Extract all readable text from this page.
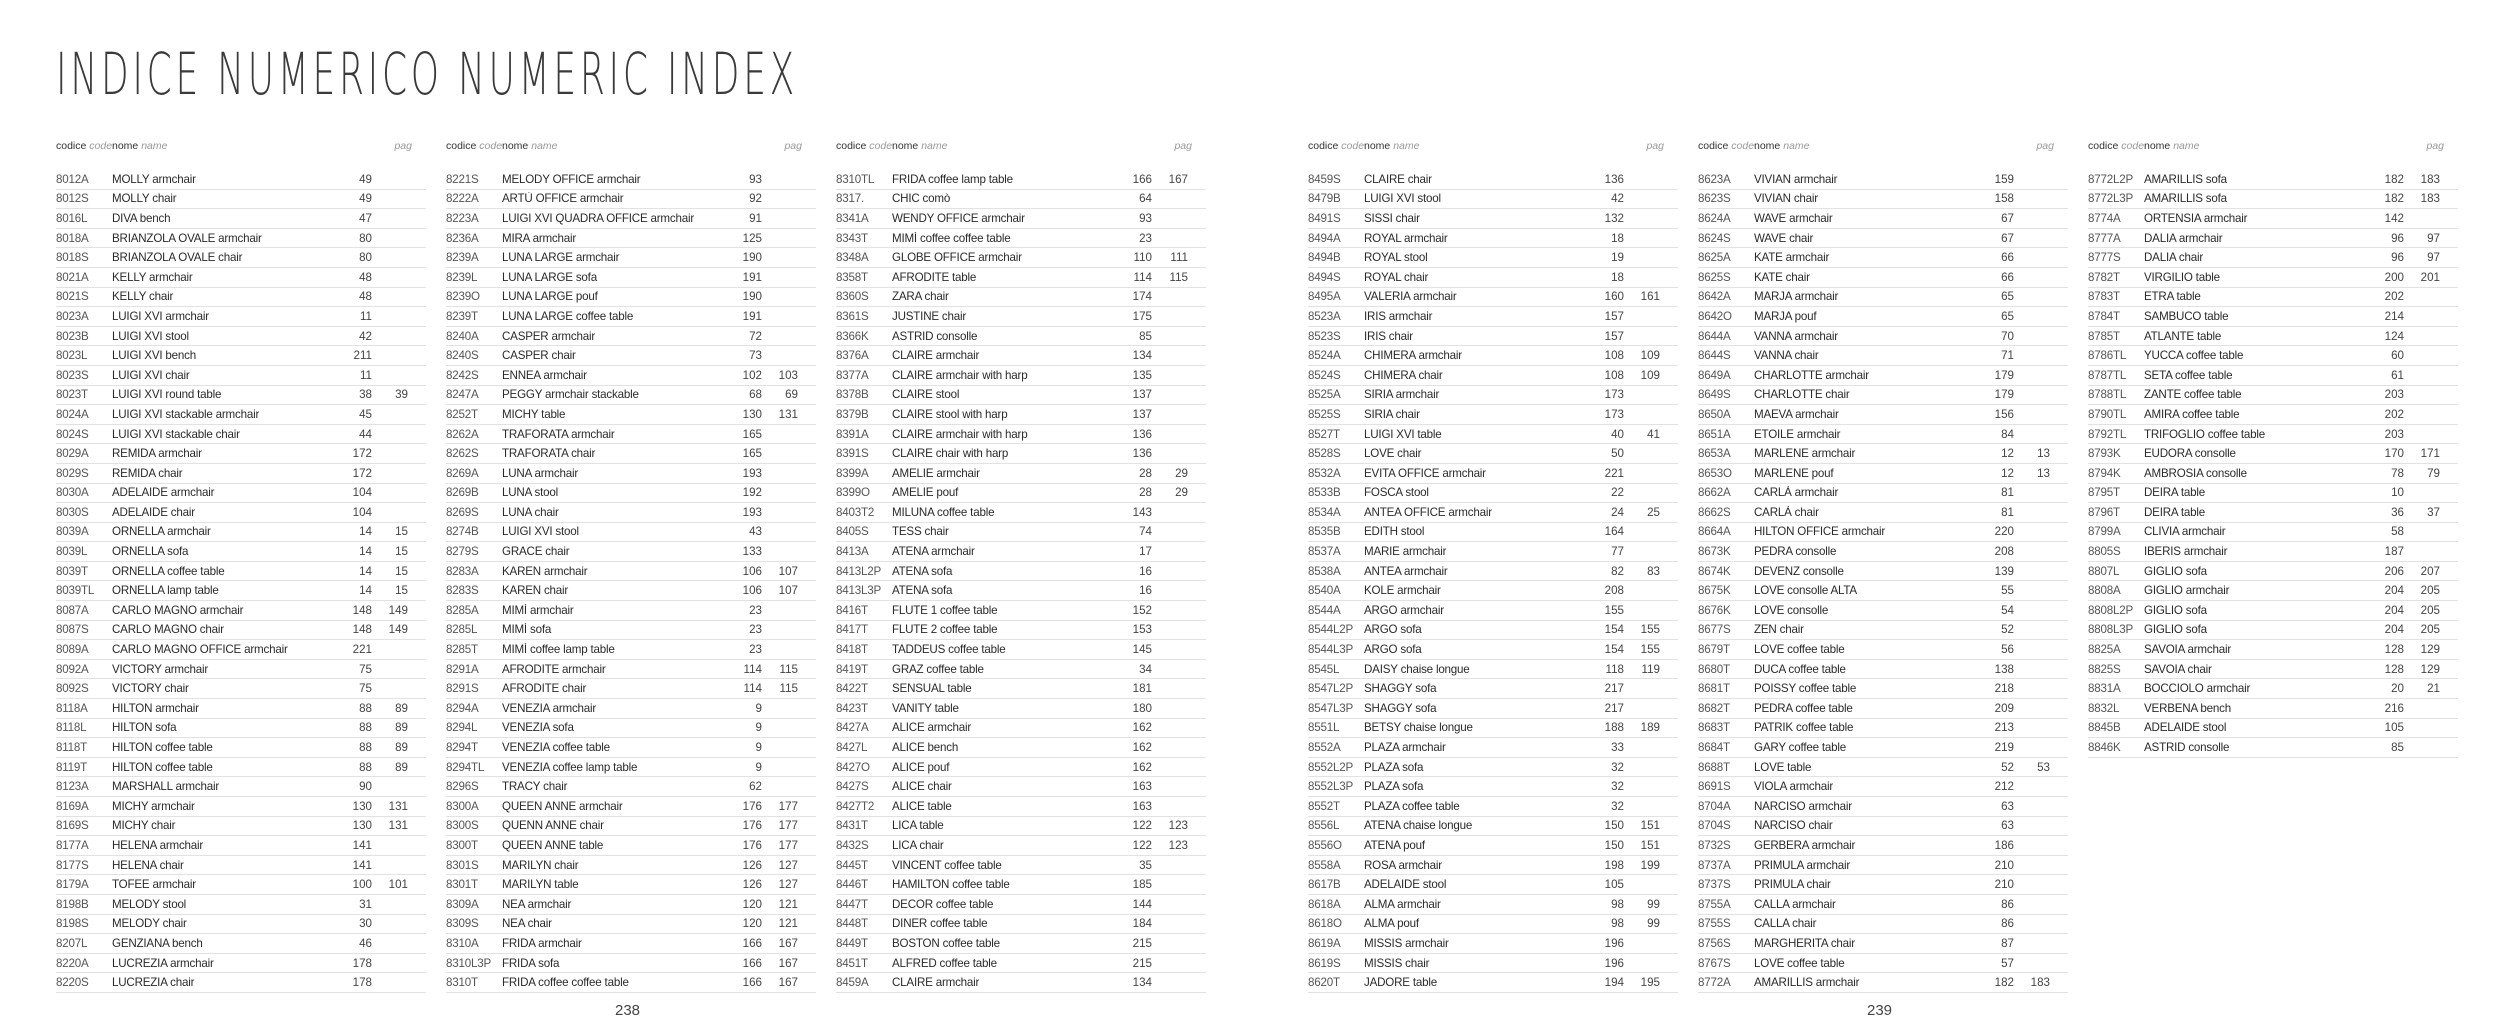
INDICE NUMERICO NUMERIC INDEX
codice code nome name	pag
8012A	MOLLY armchair	49
8012S	MOLLY chair	49
8016L	DIVA bench	47
8018A	BRIANZOLA OVALE armchair	80
8018S	BRIANZOLA OVALE chair	80
8021A	KELLY armchair	48
8021S	KELLY chair	48
8023A	LUIGI XVI armchair	11
8023B	LUIGI XVI stool	42
8023L	LUIGI XVI bench	211
8023S	LUIGI XVI chair	11
8023T	LUIGI XVI round table	38	39
8024A	LUIGI XVI stackable armchair	45
8024S	LUIGI XVI stackable chair	44
8029A	REMIDA armchair	172
8029S	REMIDA chair	172
8030A	ADELAIDE armchair	104
8030S	ADELAIDE chair	104
8039A	ORNELLA armchair	14	15
8039L	ORNELLA sofa	14	15
8039T	ORNELLA coffee table	14	15
8039TL	ORNELLA lamp table	14	15
8087A	CARLO MAGNO armchair	148	149
8087S	CARLO MAGNO chair	148	149
8089A	CARLO MAGNO OFFICE armchair	221
8092A	VICTORY armchair	75
8092S	VICTORY chair	75
8118A	HILTON armchair	88	89
8118L	HILTON sofa	88	89
8118T	HILTON coffee table	88	89
8119T	HILTON coffee table	88	89
8123A	MARSHALL armchair	90
8169A	MICHY armchair	130	131
8169S	MICHY chair	130	131
8177A	HELENA armchair	141
8177S	HELENA chair	141
8179A	TOFEE armchair	100	101
8198B	MELODY stool	31
8198S	MELODY chair	30
8207L	GENZIANA bench	46
8220A	LUCREZIA armchair	178
8220S	LUCREZIA chair	178
codice code nome name	pag
8221S	MELODY OFFICE armchair	93
8222A	ARTÙ OFFICE armchair	92
8223A	LUIGI XVI QUADRA OFFICE armchair	91
8236A	MIRA armchair	125
8239A	LUNA LARGE armchair	190
8239L	LUNA LARGE sofa	191
8239O	LUNA LARGE pouf	190
8239T	LUNA LARGE coffee table	191
8240A	CASPER armchair	72
8240S	CASPER chair	73
8242S	ENNEA armchair	102	103
8247A	PEGGY armchair stackable	68	69
8252T	MICHY table	130	131
8262A	TRAFORATA armchair	165
8262S	TRAFORATA chair	165
8269A	LUNA armchair	193
8269B	LUNA stool	192
8269S	LUNA chair	193
8274B	LUIGI XVI stool	43
8279S	GRACE chair	133
8283A	KAREN armchair	106	107
8283S	KAREN chair	106	107
8285A	MIMÌ armchair	23
8285L	MIMÌ sofa	23
8285T	MIMÌ coffee lamp table	23
8291A	AFRODITE armchair	114	115
8291S	AFRODITE chair	114	115
8294A	VENEZIA armchair	9
8294L	VENEZIA sofa	9
8294T	VENEZIA coffee table	9
8294TL	VENEZIA coffee lamp table	9
8296S	TRACY chair	62
8300A	QUEEN ANNE armchair	176	177
8300S	QUENN ANNE chair	176	177
8300T	QUEEN ANNE table	176	177
8301S	MARILYN chair	126	127
8301T	MARILYN table	126	127
8309A	NEA armchair	120	121
8309S	NEA chair	120	121
8310A	FRIDA armchair	166	167
8310L3P FRIDA sofa	166	167
8310T	FRIDA coffee coffee table	166	167
codice code nome name	pag
8310TL	FRIDA coffee lamp table	166	167
8317.	CHIC comò	64
8341A	WENDY OFFICE armchair	93
8343T	MIMÌ coffee coffee table	23
8348A	GLOBE OFFICE armchair	110	111
8358T	AFRODITE table	114	115
8360S	ZARA chair	174
8361S	JUSTINE chair	175
8366K	ASTRID consolle	85
8376A	CLAIRE armchair	134
8377A	CLAIRE armchair with harp	135
8378B	CLAIRE stool	137
8379B	CLAIRE stool with harp	137
8391A	CLAIRE armchair with harp	136
8391S	CLAIRE chair with harp	136
8399A	AMELIE armchair	28	29
8399O	AMELIE pouf	28	29
8403T2	MILUNA coffee table	143
8405S	TESS chair	74
8413A	ATENA armchair	17
8413L2P ATENA sofa	16
8413L3P ATENA sofa	16
8416T	FLUTE 1 coffee table	152
8417T	FLUTE 2 coffee table	153
8418T	TADDEUS coffee table	145
8419T	GRAZ coffee table	34
8422T	SENSUAL table	181
8423T	VANITY table	180
8427A	ALICE armchair	162
8427L	ALICE bench	162
8427O	ALICE pouf	162
8427S	ALICE chair	163
8427T2	ALICE table	163
8431T	LICA table	122	123
8432S	LICA chair	122	123
8445T	VINCENT coffee table	35
8446T	HAMILTON coffee table	185
8447T	DECOR coffee table	144
8448T	DINER coffee table	184
8449T	BOSTON coffee table	215
8451T	ALFRED coffee table	215
8459A	CLAIRE armchair	134
codice code nome name	pag
8459S	CLAIRE chair	136
8479B	LUIGI XVI stool	42
8491S	SISSI chair	132
8494A	ROYAL armchair	18
8494B	ROYAL stool	19
8494S	ROYAL chair	18
8495A	VALERIA armchair	160	161
8523A	IRIS armchair	157
8523S	IRIS chair	157
8524A	CHIMERA armchair	108	109
8524S	CHIMERA chair	108	109
8525A	SIRIA armchair	173
8525S	SIRIA chair	173
8527T	LUIGI XVI table	40	41
8528S	LOVE chair	50
8532A	EVITA OFFICE armchair	221
8533B	FOSCA stool	22
8534A	ANTEA OFFICE armchair	24	25
8535B	EDITH stool	164
8537A	MARIE armchair	77
8538A	ANTEA armchair	82	83
8540A	KOLE armchair	208
8544A	ARGO armchair	155
8544L2P ARGO sofa	154	155
8544L3P ARGO sofa	154	155
8545L	DAISY chaise longue	118	119
8547L2P SHAGGY sofa	217
8547L3P SHAGGY sofa	217
8551L	BETSY chaise longue	188	189
8552A	PLAZA armchair	33
8552L2P PLAZA sofa	32
8552L3P PLAZA sofa	32
8552T	PLAZA coffee table	32
8556L	ATENA chaise longue	150	151
8556O	ATENA pouf	150	151
8558A	ROSA armchair	198	199
8617B	ADELAIDE stool	105
8618A	ALMA armchair	98	99
8618O	ALMA pouf	98	99
8619A	MISSIS armchair	196
8619S	MISSIS chair	196
8620T	JADORE table	194	195
codice code nome name	pag
8623A	VIVIAN armchair	159
8623S	VIVIAN chair	158
8624A	WAVE armchair	67
8624S	WAVE chair	67
8625A	KATE armchair	66
8625S	KATE chair	66
8642A	MARJA armchair	65
8642O	MARJA pouf	65
8644A	VANNA armchair	70
8644S	VANNA chair	71
8649A	CHARLOTTE armchair	179
8649S	CHARLOTTE chair	179
8650A	MAEVA armchair	156
8651A	ETOILE armchair	84
8653A	MARLENE armchair	12	13
8653O	MARLENE pouf	12	13
8662A	CARLÀ armchair	81
8662S	CARLÀ chair	81
8664A	HILTON OFFICE armchair	220
8673K	PEDRA consolle	208
8674K	DEVENZ consolle	139
8675K	LOVE consolle ALTA	55
8676K	LOVE consolle	54
8677S	ZEN chair	52
8679T	LOVE coffee table	56
8680T	DUCA coffee table	138
8681T	POISSY coffee table	218
8682T	PEDRA coffee table	209
8683T	PATRIK coffee table	213
8684T	GARY coffee table	219
8688T	LOVE table	52	53
8691S	VIOLA armchair	212
8704A	NARCISO armchair	63
8704S	NARCISO chair	63
8732S	GERBERA armchair	186
8737A	PRIMULA armchair	210
8737S	PRIMULA chair	210
8755A	CALLA armchair	86
8755S	CALLA chair	86
8756S	MARGHERITA chair	87
8767S	LOVE coffee table	57
8772A	AMARILLIS armchair	182	183
codice code nome name	pag
8772L2P AMARILLIS sofa	182	183
8772L3P AMARILLIS sofa	182	183
8774A	ORTENSIA armchair	142
8777A	DALIA armchair	96	97
8777S	DALIA chair	96	97
8782T	VIRGILIO table	200	201
8783T	ETRA table	202
8784T	SAMBUCO table	214
8785T	ATLANTE table	124
8786TL	YUCCA coffee table	60
8787TL	SETA coffee table	61
8788TL	ZANTE coffee table	203
8790TL	AMIRA coffee table	202
8792TL	TRIFOGLIO coffee table	203
8793K	EUDORA consolle	170	171
8794K	AMBROSIA consolle	78	79
8795T	DEIRA table	10
8796T	DEIRA table	36	37
8799A	CLIVIA armchair	58
8805S	IBERIS armchair	187
8807L	GIGLIO sofa	206	207
8808A	GIGLIO armchair	204	205
8808L2P GIGLIO sofa	204	205
8808L3P GIGLIO sofa	204	205
8825A	SAVOIA armchair	128	129
8825S	SAVOIA chair	128	129
8831A	BOCCIOLO armchair	20	21
8832L	VERBENA bench	216
8845B	ADELAIDE stool	105
8846K	ASTRID consolle	85
238	239
